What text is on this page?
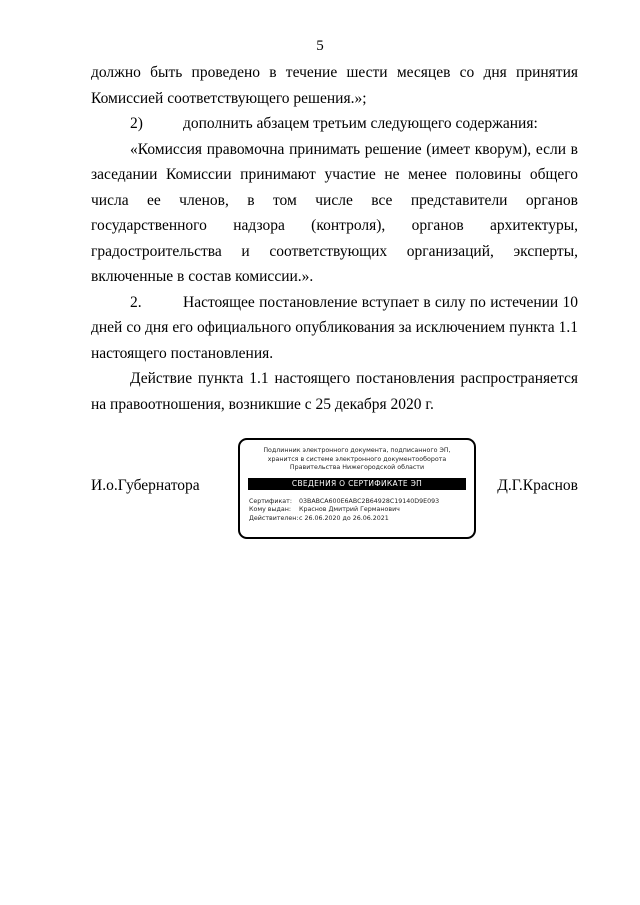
5

должно быть проведено в течение шести месяцев со дня принятия Комиссией соответствующего решения.»;

2)	дополнить абзацем третьим следующего содержания:

«Комиссия правомочна принимать решение (имеет кворум), если в заседании Комиссии принимают участие не менее половины общего числа ее членов, в том числе все представители органов государственного надзора (контроля), органов архитектуры, градостроительства и соответствующих организаций, эксперты, включенные в состав комиссии.».

2.	Настоящее постановление вступает в силу по истечении 10 дней со дня его официального опубликования за исключением пункта 1.1 настоящего постановления.

Действие пункта 1.1 настоящего постановления распространяется на правоотношения, возникшие с 25 декабря 2020 г.

И.о.Губернатора
Подлинник электронного документа, подписанного ЭП,
хранится в системе электронного документооборота
Правительства Нижегородской области
СВЕДЕНИЯ О СЕРТИФИКАТЕ ЭП
Сертификат: 03BABCA600E6ABC2B64928C19140D9E093
Кому выдан: Краснов Дмитрий Германович
Действителен:с 26.06.2020 до 26.06.2021
Д.Г.Краснов
